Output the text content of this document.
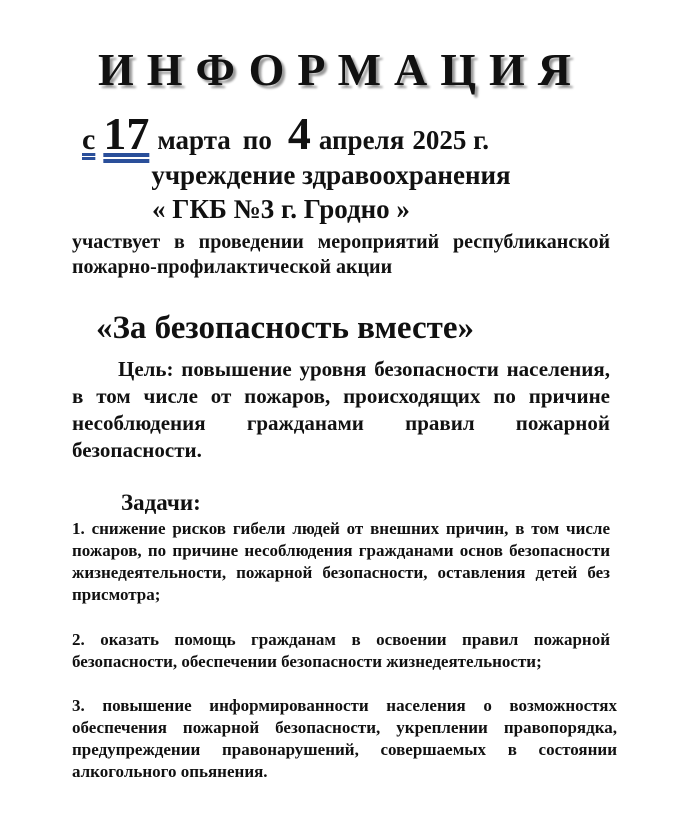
ИНФОРМАЦИЯ
с 17 марта по 4 апреля 2025 г.
учреждение здравоохранения
« ГКБ №3 г. Гродно »
участвует в проведении мероприятий республиканской пожарно-профилактической акции
«За безопасность вместе»
Цель: повышение уровня безопасности населения, в том числе от пожаров, происходящих по причине несоблюдения гражданами правил пожарной безопасности.
Задачи:
1. снижение рисков гибели людей от внешних причин, в том числе пожаров, по причине несоблюдения гражданами основ безопасности жизнедеятельности, пожарной безопасности, оставления детей без присмотра;
2. оказать помощь гражданам в освоении правил пожарной безопасности, обеспечении безопасности жизнедеятельности;
3. повышение информированности населения о возможностях обеспечения пожарной безопасности, укреплении правопорядка, предупреждении правонарушений, совершаемых в состоянии алкогольного опьянения.
